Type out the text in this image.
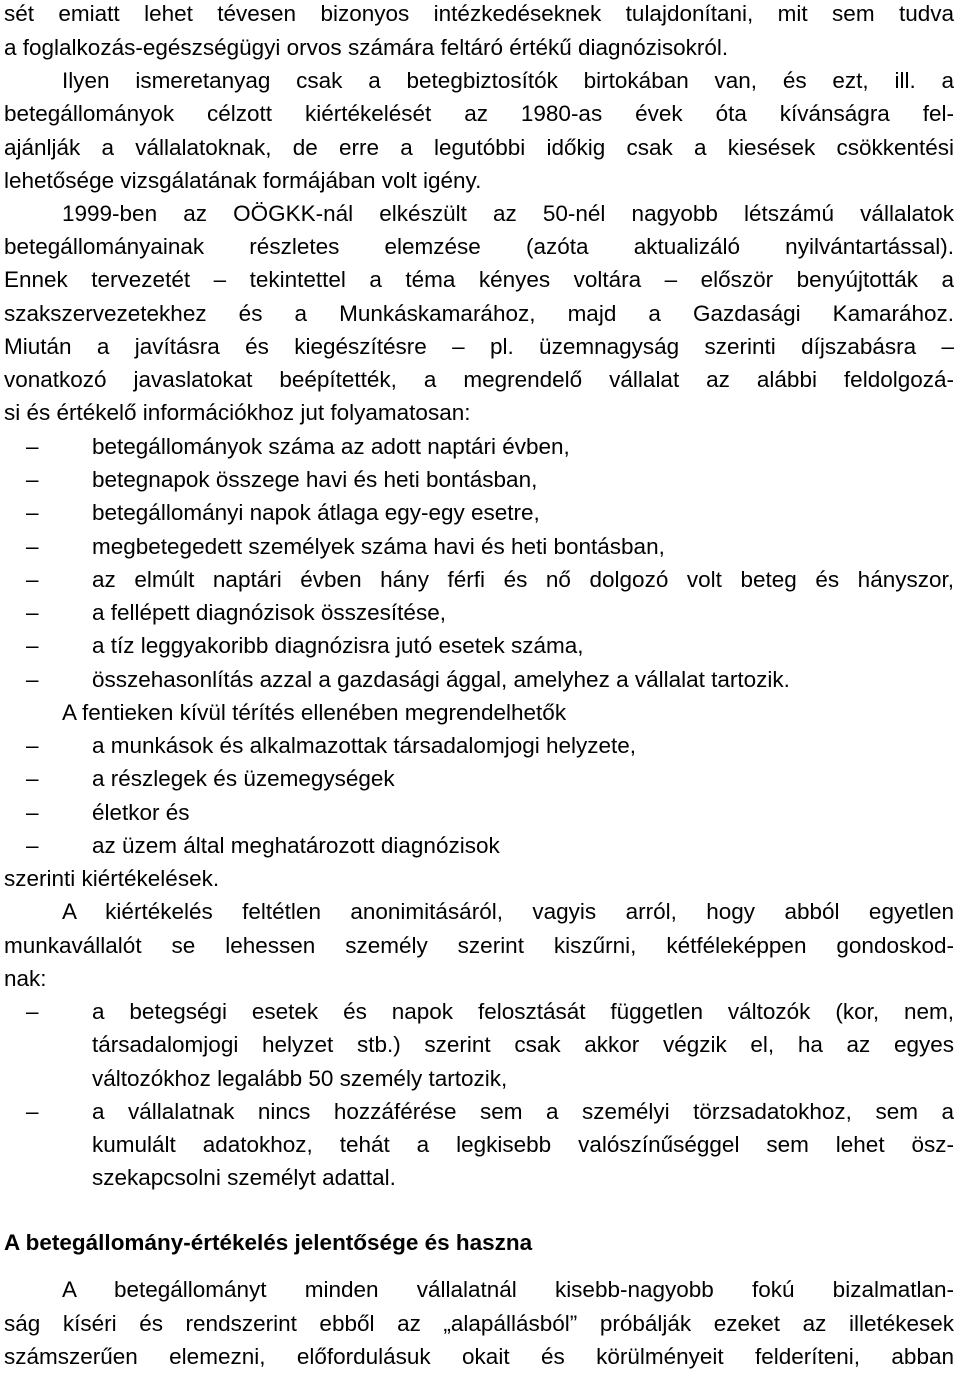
sét emiatt lehet tévesen bizonyos intézkedéseknek tulajdonítani, mit sem tudva
a foglalkozás-egészségügyi orvos számára feltáró értékű diagnózisokról.
Ilyen ismeretanyag csak a betegbiztosítók birtokában van, és ezt, ill. a
betegállományok célzott kiértékelését az 1980-as évek óta kívánságra fel-
ajánlják a vállalatoknak, de erre a legutóbbi időkig csak a kiesések csökkentési
lehetősége vizsgálatának formájában volt igény.
1999-ben az OÖGKK-nál elkészült az 50-nél nagyobb létszámú vállalatok
betegállományainak részletes elemzése (azóta aktualizáló nyilvántartással).
Ennek tervezetét – tekintettel a téma kényes voltára – először benyújtották a
szakszervezetekhez és a Munkáskamarához, majd a Gazdasági Kamarához.
Miután a javításra és kiegészítésre – pl. üzemnagyság szerinti díjszabásra –
vonatkozó javaslatokat beépítették, a megrendelő vállalat az alábbi feldolgozá-
si és értékelő információkhoz jut folyamatosan:
–	betegállományok száma az adott naptári évben,
–	betegnapok összege havi és heti bontásban,
–	betegállományi napok átlaga egy-egy esetre,
–	megbetegedett személyek száma havi és heti bontásban,
–	az elmúlt naptári évben hány férfi és nő dolgozó volt beteg és hányszor,
–	a fellépett diagnózisok összesítése,
–	a tíz leggyakoribb diagnózisra jutó esetek száma,
–	összehasonlítás azzal a gazdasági ággal, amelyhez a vállalat tartozik.
A fentieken kívül térítés ellenében megrendelhetők
–	a munkások és alkalmazottak társadalomjogi helyzete,
–	a részlegek és üzemegységek
–	életkor és
–	az üzem által meghatározott diagnózisok
szerinti kiértékelések.
A kiértékelés feltétlen anonimitásáról, vagyis arról, hogy abból egyetlen
munkavállalót se lehessen személy szerint kiszűrni, kétféleképpen gondoskod-
nak:
–	a betegségi esetek és napok felosztását független változók (kor, nem,
társadalomjogi helyzet stb.) szerint csak akkor végzik el, ha az egyes
változókhoz legalább 50 személy tartozik,
–	a vállalatnak nincs hozzáférése sem a személyi törzsadatokhoz, sem a
kumulált adatokhoz, tehát a legkisebb valószínűséggel sem lehet ösz-
szekapcsolni személyt adattal.
A betegállomány-értékelés jelentősége és haszna
A betegállományt minden vállalatnál kisebb-nagyobb fokú bizalmatlan-
ság kíséri és rendszerint ebből az „alapállásból” próbálják ezeket az illetékesek
számszerűen elemezni, előfordulásuk okait és körülményeit felderíteni, abban
